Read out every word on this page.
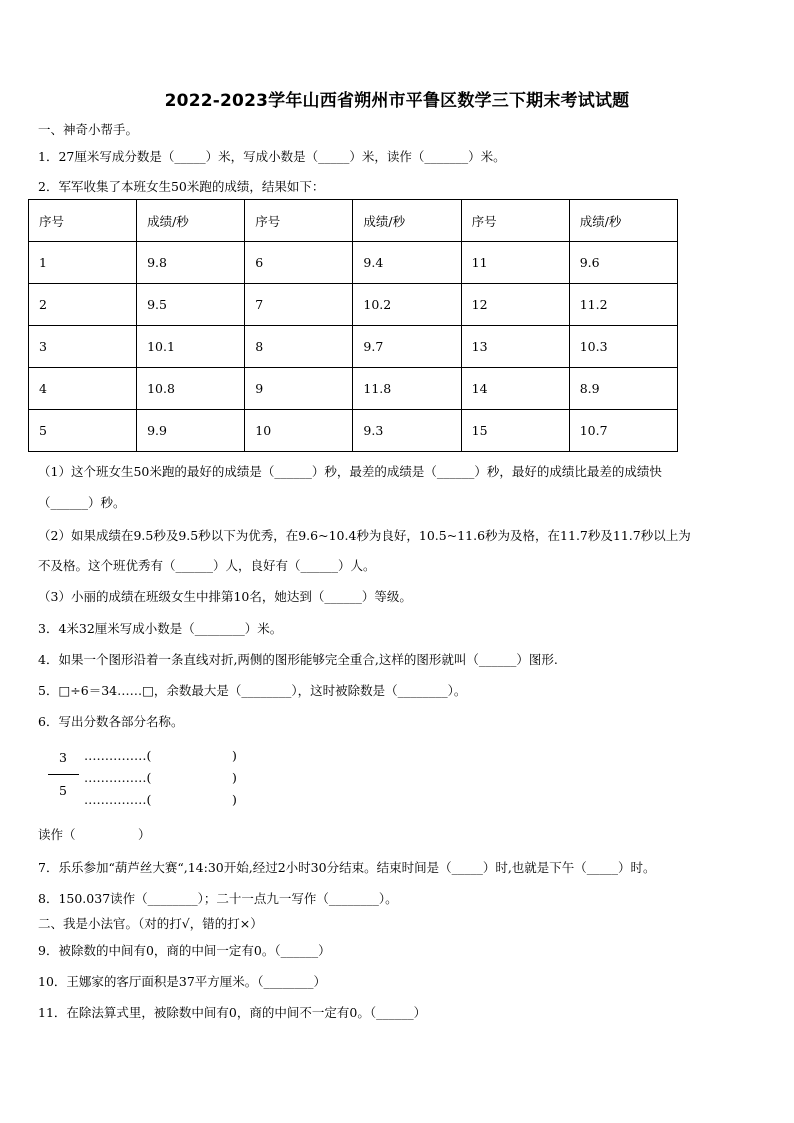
2022-2023学年山西省朔州市平鲁区数学三下期末考试试题
一、神奇小帮手。
1．27厘米写成分数是（_____）米，写成小数是（_____）米，读作（_______）米。
2．军军收集了本班女生50米跑的成绩，结果如下：
序号	成绩/秒	序号	成绩/秒	序号	成绩/秒
1	9.8	6	9.4	11	9.6
2	9.5	7	10.2	12	11.2
3	10.1	8	9.7	13	10.3
4	10.8	9	11.8	14	8.9
5	9.9	10	9.3	15	10.7
（1）这个班女生50米跑的最好的成绩是（______）秒，最差的成绩是（______）秒，最好的成绩比最差的成绩快
（______）秒。
（2）如果成绩在9.5秒及9.5秒以下为优秀，在9.6~10.4秒为良好，10.5~11.6秒为及格，在11.7秒及11.7秒以上为
不及格。这个班优秀有（______）人，良好有（______）人。
（3）小丽的成绩在班级女生中排第10名，她达到（______）等级。
3．4米32厘米写成小数是（________）米。
4．如果一个图形沿着一条直线对折,两侧的图形能够完全重合,这样的图形就叫（______）图形.
5．□÷6＝34……□，余数最大是（________），这时被除数是（________）。
6．写出分数各部分名称。
3
5
……………(	)
……………(	)
……………(	)
读作（　　　　　）
7．乐乐参加“葫芦丝大赛“,14:30开始,经过2小时30分结束。结束时间是（_____）时,也就是下午（_____）时。
8．150.037读作（________）；二十一点九一写作（________）。
二、我是小法官。（对的打√，错的打×）
9．被除数的中间有0，商的中间一定有0。（______）
10．王娜家的客厅面积是37平方厘米。（________）
11．在除法算式里，被除数中间有0，商的中间不一定有0。（______）
